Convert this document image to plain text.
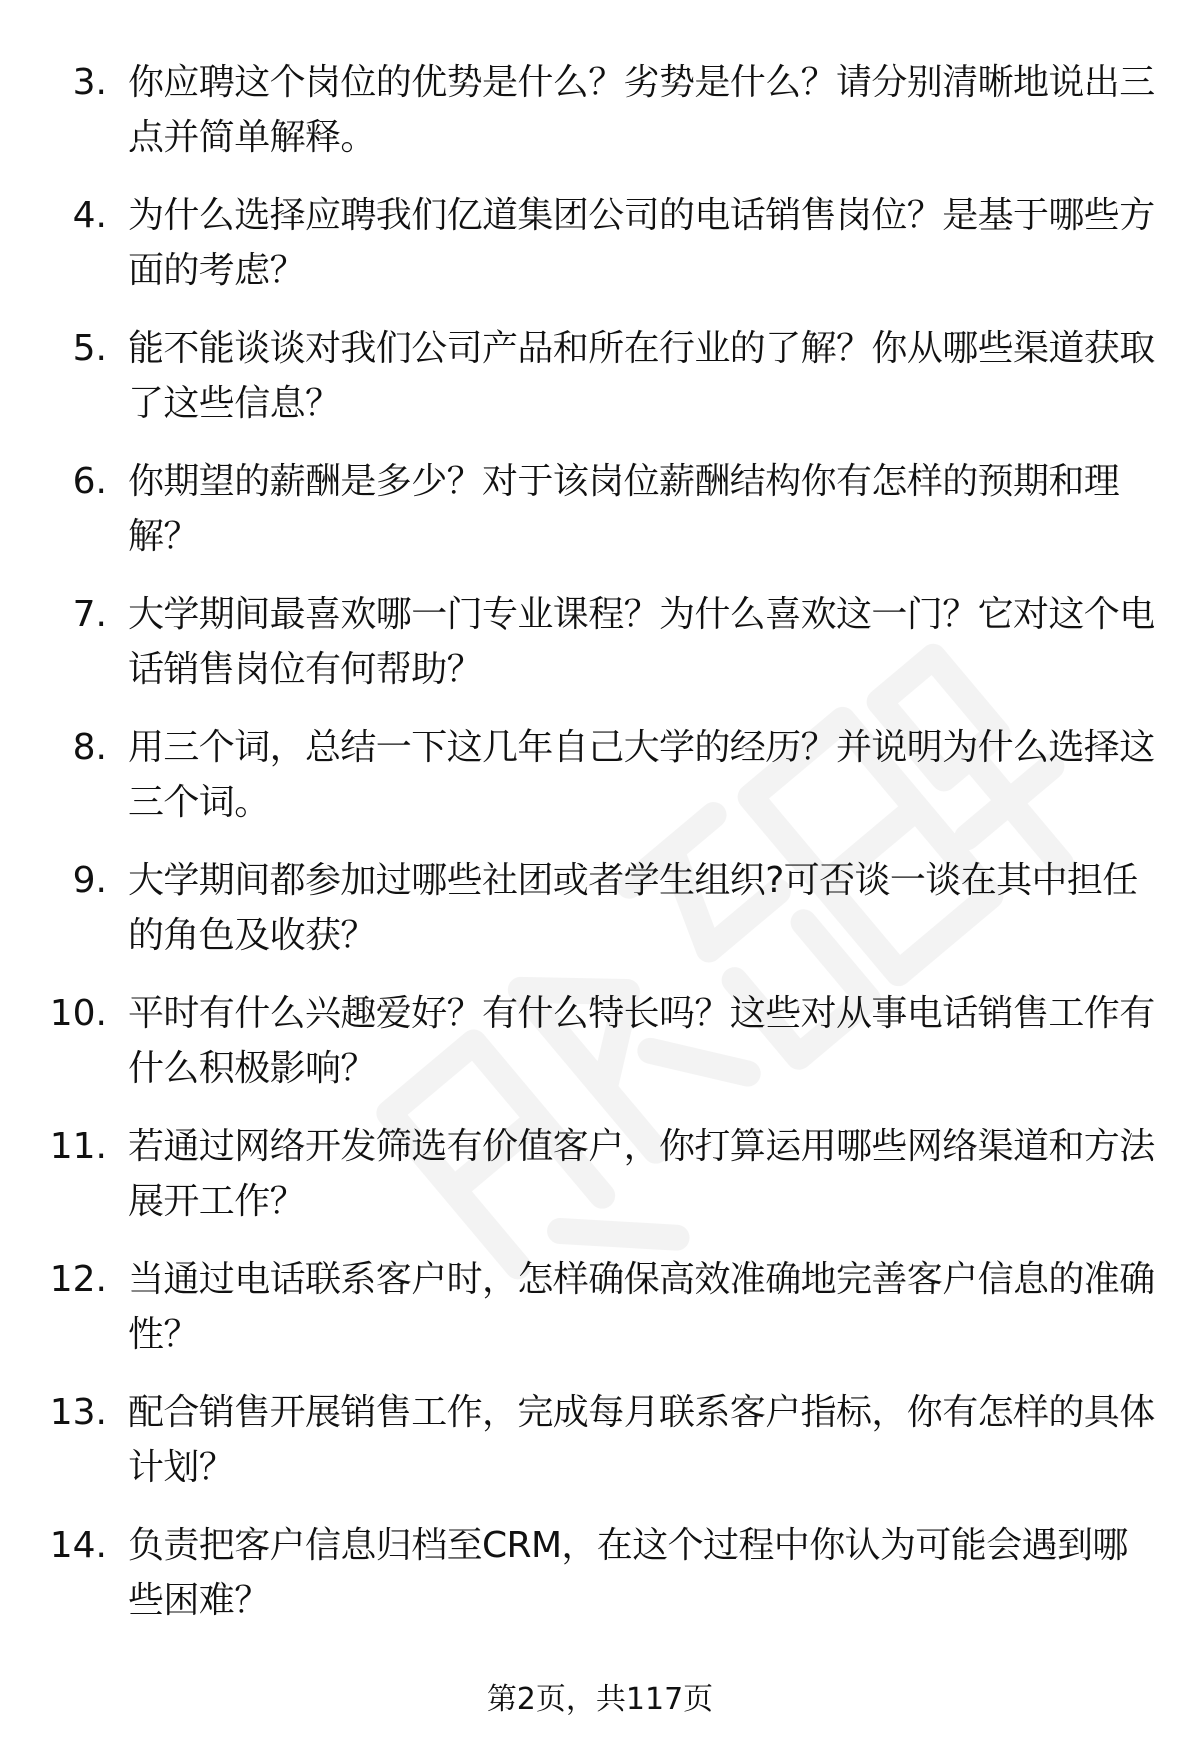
3. 你应聘这个岗位的优势是什么？劣势是什么？请分别清晰地说出三点并简单解释。
4. 为什么选择应聘我们亿道集团公司的电话销售岗位？是基于哪些方面的考虑？
5. 能不能谈谈对我们公司产品和所在行业的了解？你从哪些渠道获取了这些信息？
6. 你期望的薪酬是多少？对于该岗位薪酬结构你有怎样的预期和理解？
7. 大学期间最喜欢哪一门专业课程？为什么喜欢这一门？它对这个电话销售岗位有何帮助？
8. 用三个词，总结一下这几年自己大学的经历？并说明为什么选择这三个词。
9. 大学期间都参加过哪些社团或者学生组织?可否谈一谈在其中担任的角色及收获？
10. 平时有什么兴趣爱好？有什么特长吗？这些对从事电话销售工作有什么积极影响？
11. 若通过网络开发筛选有价值客户，你打算运用哪些网络渠道和方法展开工作？
12. 当通过电话联系客户时，怎样确保高效准确地完善客户信息的准确性？
13. 配合销售开展销售工作，完成每月联系客户指标，你有怎样的具体计划？
14. 负责把客户信息归档至CRM，在这个过程中你认为可能会遇到哪些困难？
第2页，共117页
